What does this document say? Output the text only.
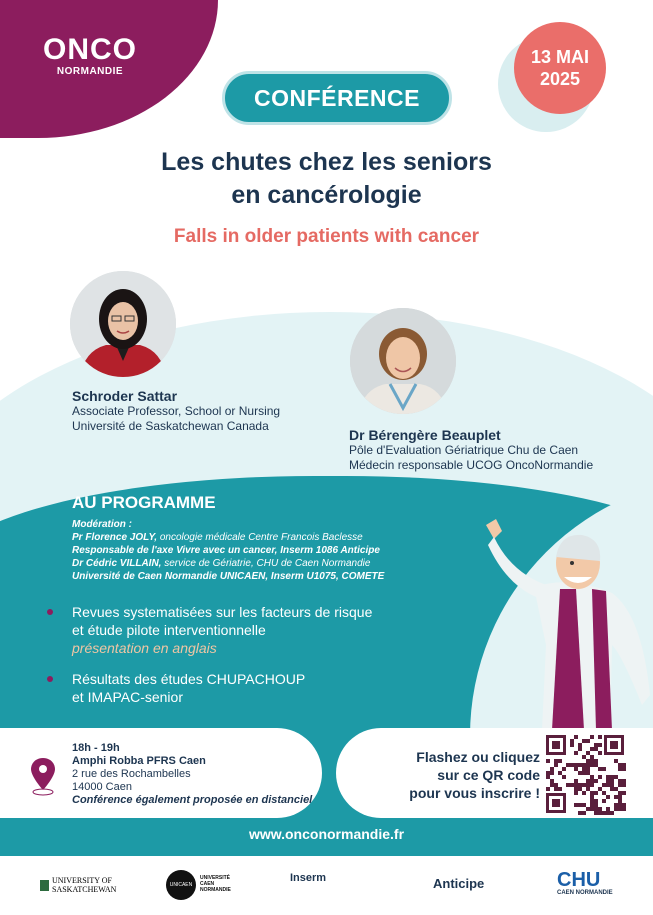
ONCO
NORMANDIE
13 MAI
2025
CONFÉRENCE
Les chutes chez les seniors
en cancérologie
Falls in older patients with cancer
Schroder Sattar
Associate Professor, School or Nursing
Université de Saskatchewan Canada
Dr Bérengère Beauplet
Pôle d'Evaluation Gériatrique Chu de Caen
Médecin responsable UCOG OncoNormandie
AU PROGRAMME
Modération :
Pr Florence JOLY, oncologie médicale Centre Francois Baclesse
Responsable de l'axe Vivre avec un cancer, Inserm 1086 Anticipe
Dr Cédric VILLAIN, service de Gériatrie, CHU de Caen Normandie
Université de Caen Normandie UNICAEN, Inserm U1075, COMETE
Revues systematisées sur les facteurs de risque
et étude pilote interventionnelle
présentation en anglais
Résultats des études CHUPACHOUP
et IMAPAC-senior
18h - 19h
Amphi Robba PFRS Caen
2 rue des Rochambelles
14000 Caen
Conférence également proposée en distanciel
Flashez ou cliquez
sur ce QR code
pour vous inscrire !
www.onconormandie.fr
UNIVERSITY OF
SASKATCHEWAN	UNICAEN
UNIVERSITÉ
CAEN
NORMANDIE
Inserm	Anticipe	CHU
CAEN NORMANDIE
